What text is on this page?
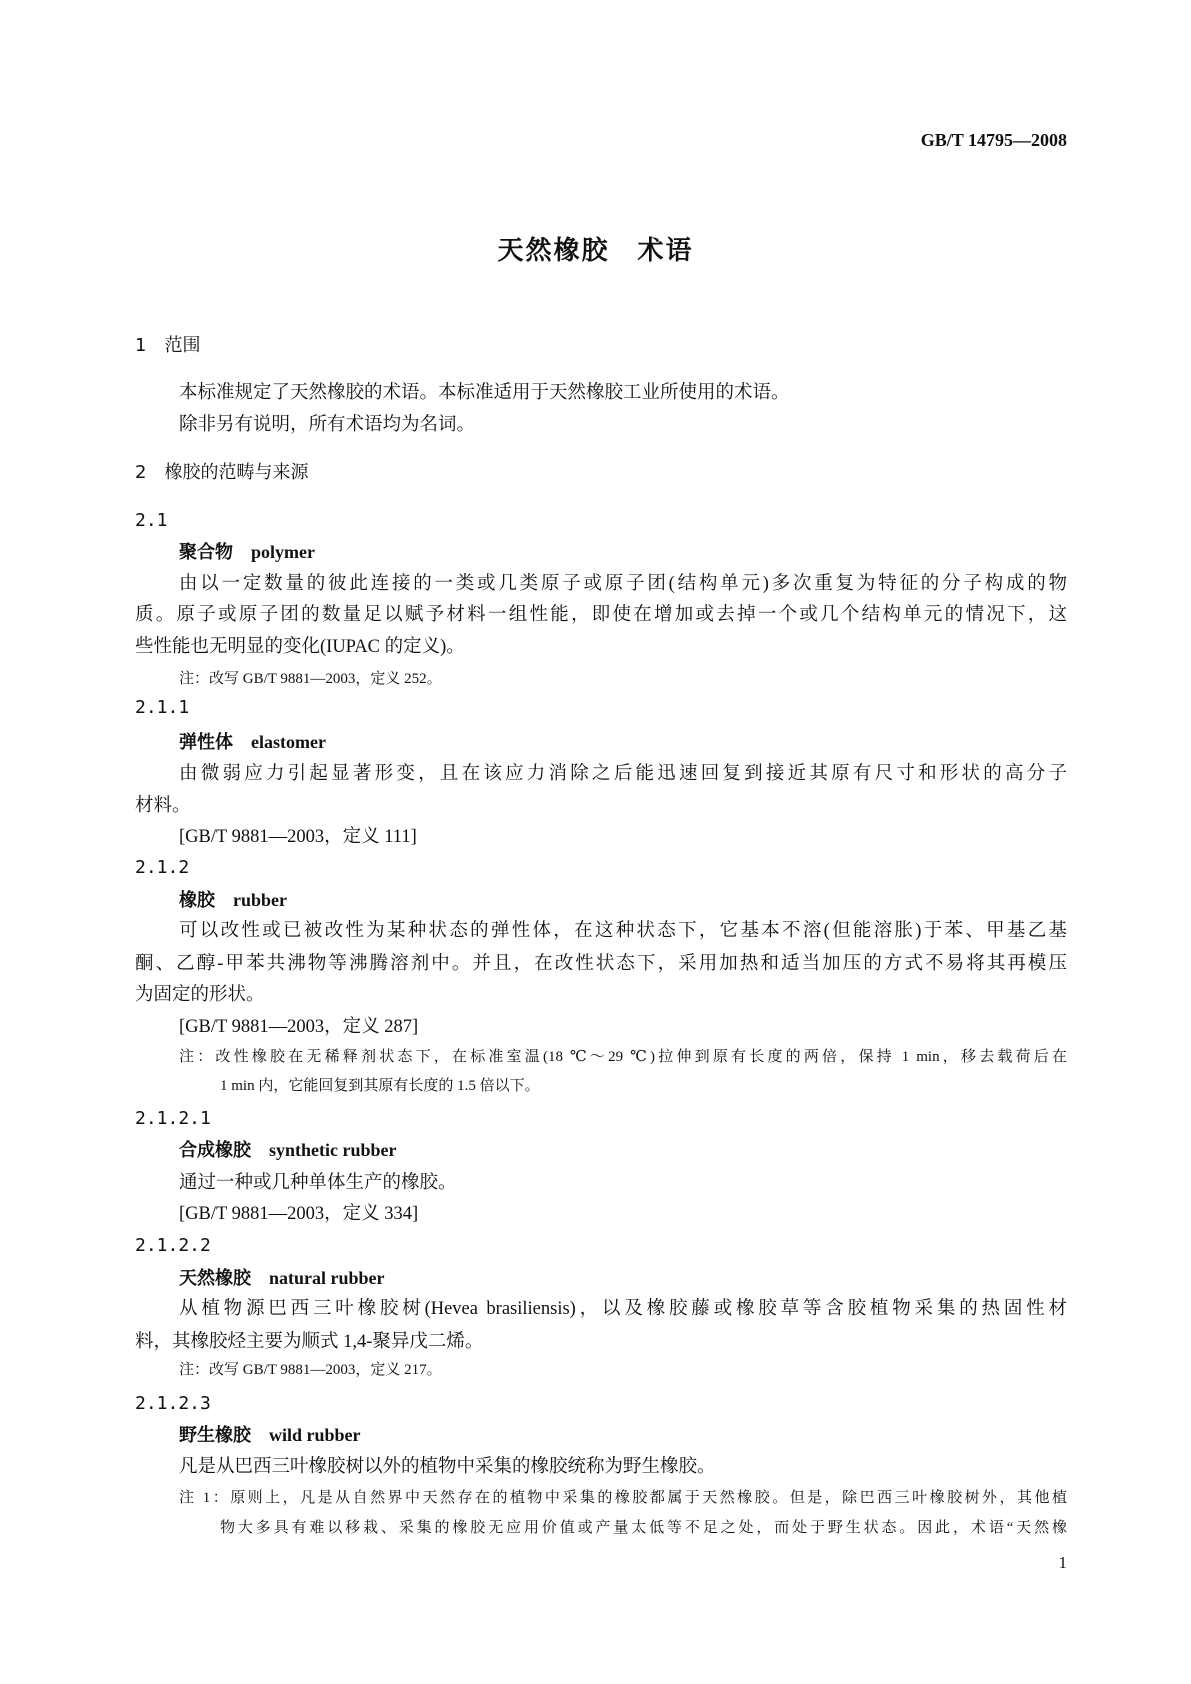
GB/T 14795—2008
天然橡胶　术语
1　范围
本标准规定了天然橡胶的术语。本标准适用于天然橡胶工业所使用的术语。
除非另有说明，所有术语均为名词。
2　橡胶的范畴与来源
2.1
聚合物　polymer
由以一定数量的彼此连接的一类或几类原子或原子团(结构单元)多次重复为特征的分子构成的物
质。原子或原子团的数量足以赋予材料一组性能，即使在增加或去掉一个或几个结构单元的情况下，这
些性能也无明显的变化(IUPAC 的定义)。
注：改写 GB/T 9881—2003，定义 252。
2.1.1
弹性体　elastomer
由微弱应力引起显著形变，且在该应力消除之后能迅速回复到接近其原有尺寸和形状的高分子
材料。
[GB/T 9881—2003，定义 111]
2.1.2
橡胶　rubber
可以改性或已被改性为某种状态的弹性体，在这种状态下，它基本不溶(但能溶胀)于苯、甲基乙基
酮、乙醇-甲苯共沸物等沸腾溶剂中。并且，在改性状态下，采用加热和适当加压的方式不易将其再模压
为固定的形状。
[GB/T 9881—2003，定义 287]
注：改性橡胶在无稀释剂状态下，在标准室温(18 ℃～29 ℃)拉伸到原有长度的两倍，保持 1 min，移去载荷后在
1 min 内，它能回复到其原有长度的 1.5 倍以下。
2.1.2.1
合成橡胶　synthetic rubber
通过一种或几种单体生产的橡胶。
[GB/T 9881—2003，定义 334]
2.1.2.2
天然橡胶　natural rubber
从植物源巴西三叶橡胶树(Hevea brasiliensis)，以及橡胶藤或橡胶草等含胶植物采集的热固性材
料，其橡胶烃主要为顺式 1,4-聚异戊二烯。
注：改写 GB/T 9881—2003，定义 217。
2.1.2.3
野生橡胶　wild rubber
凡是从巴西三叶橡胶树以外的植物中采集的橡胶统称为野生橡胶。
注 1：原则上，凡是从自然界中天然存在的植物中采集的橡胶都属于天然橡胶。但是，除巴西三叶橡胶树外，其他植
物大多具有难以移栽、采集的橡胶无应用价值或产量太低等不足之处，而处于野生状态。因此，术语“天然橡
1
